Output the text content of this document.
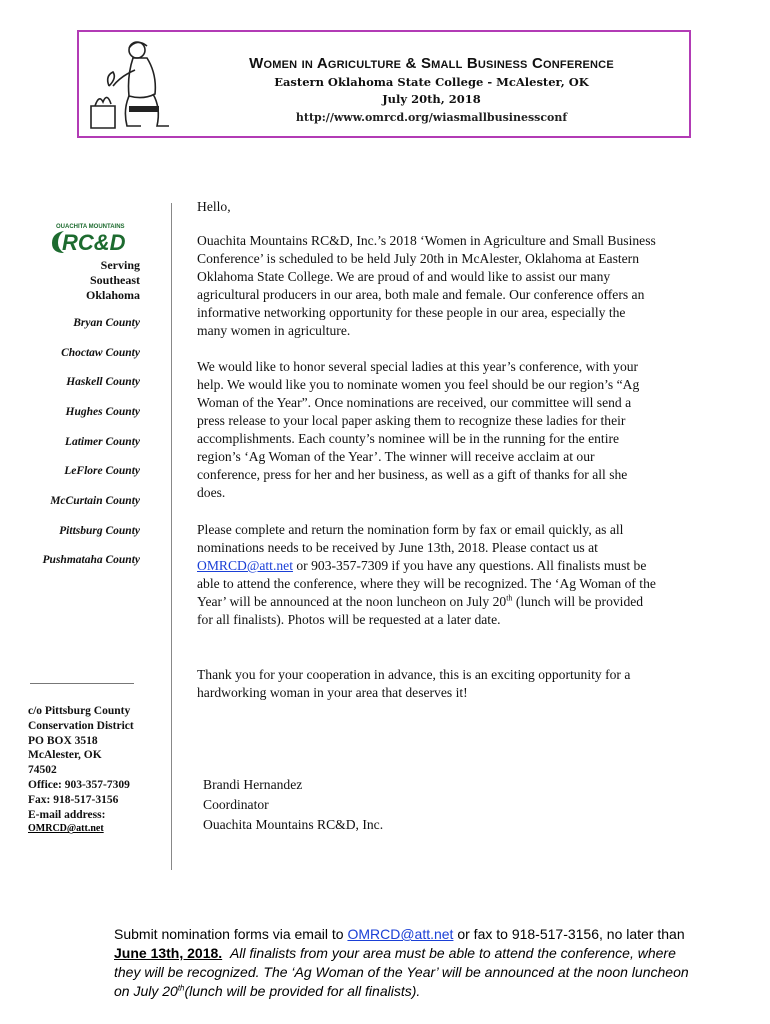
Women in Agriculture & Small Business Conference
Eastern Oklahoma State College - McAlester, OK
July 20th, 2018
http://www.omrcd.org/wiasmallbusinessconf
OUACHITA MOUNTAINS
RC&D
Serving
Southeast
Oklahoma
Bryan County
Choctaw County
Haskell County
Hughes County
Latimer County
LeFlore County
McCurtain County
Pittsburg County
Pushmataha County
c/o Pittsburg County
Conservation District
PO BOX 3518
McAlester, OK
74502
Office: 903-357-7309
Fax: 918-517-3156
E-mail address:
OMRCD@att.net

Hello,

Ouachita Mountains RC&D, Inc.’s 2018 ‘Women in Agriculture and Small Business Conference’ is scheduled to be held July 20th in McAlester, Oklahoma at Eastern Oklahoma State College. We are proud of and would like to assist our many agricultural producers in our area, both male and female. Our conference offers an informative networking opportunity for these people in our area, especially the many women in agriculture.

We would like to honor several special ladies at this year’s conference, with your help. We would like you to nominate women you feel should be our region’s “Ag Woman of the Year”. Once nominations are received, our committee will send a press release to your local paper asking them to recognize these ladies for their accomplishments. Each county’s nominee will be in the running for the entire region’s ‘Ag Woman of the Year’. The winner will receive acclaim at our conference, press for her and her business, as well as a gift of thanks for all she does.

Please complete and return the nomination form by fax or email quickly, as all nominations needs to be received by June 13th, 2018. Please contact us at OMRCD@att.net or 903-357-7309 if you have any questions. All finalists must be able to attend the conference, where they will be recognized. The ‘Ag Woman of the Year’ will be announced at the noon luncheon on July 20th (lunch will be provided for all finalists). Photos will be requested at a later date.

Thank you for your cooperation in advance, this is an exciting opportunity for a hardworking woman in your area that deserves it!

Brandi Hernandez
Coordinator
Ouachita Mountains RC&D, Inc.
Submit nomination forms via email to OMRCD@att.net or fax to 918-517-3156, no later than June 13th, 2018. All finalists from your area must be able to attend the conference, where they will be recognized. The ‘Ag Woman of the Year’ will be announced at the noon luncheon on July 20th(lunch will be provided for all finalists).
